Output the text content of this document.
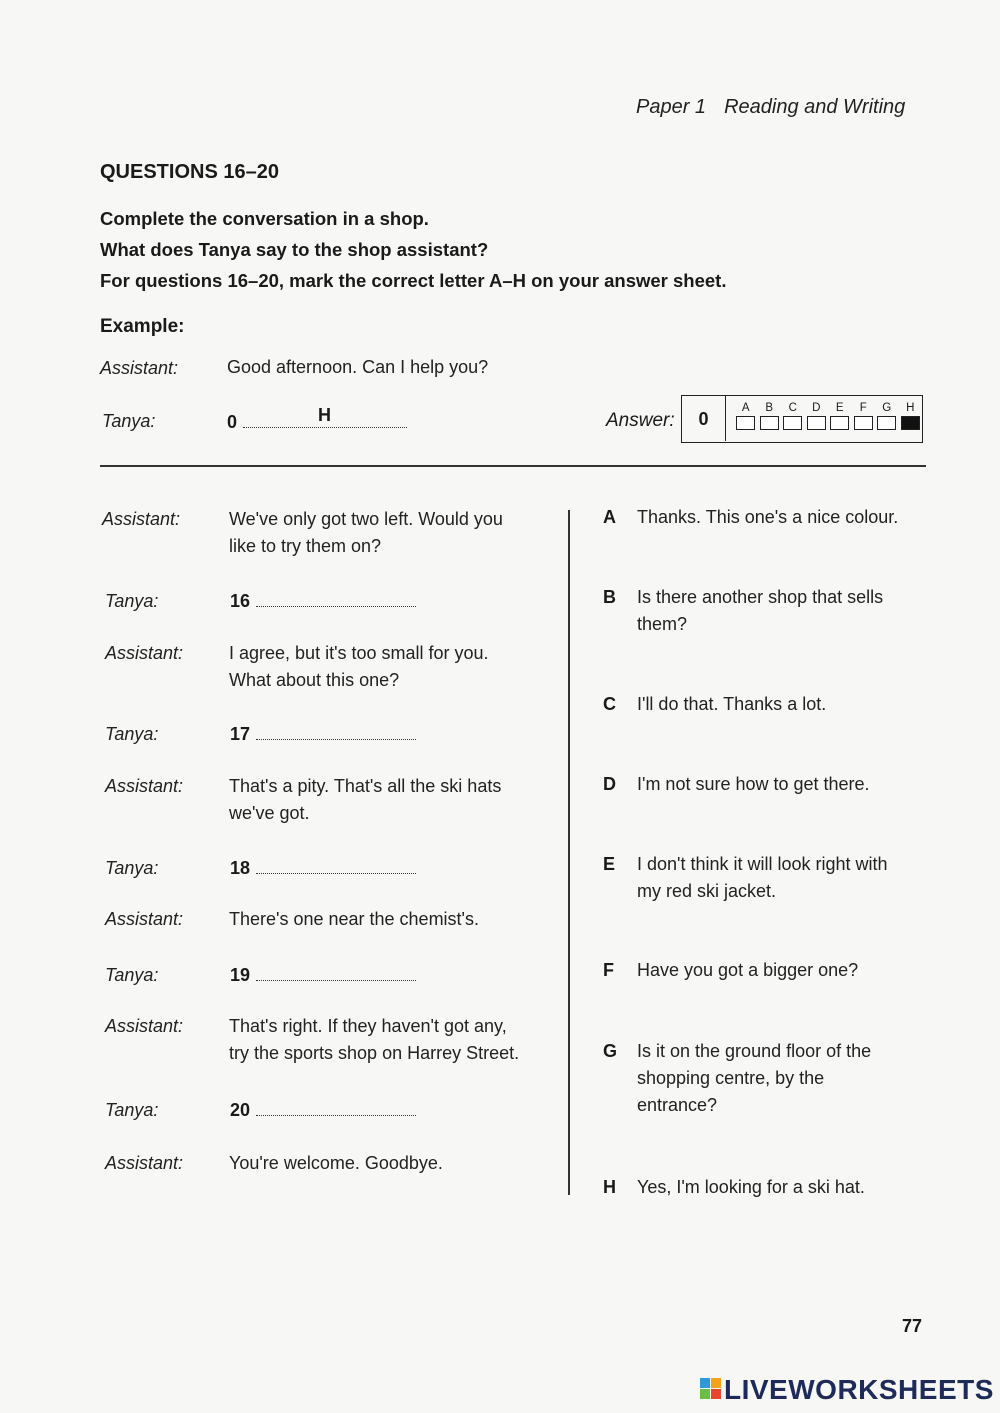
Paper 1 Reading and Writing
QUESTIONS 16–20
Complete the conversation in a shop.
What does Tanya say to the shop assistant?
For questions 16–20, mark the correct letter A–H on your answer sheet.
Example:
Assistant:	Good afternoon. Can I help you?
Tanya:	0	H	Answer:	0
A	B	C	D	E	F	G	H
Assistant:	We've only got two left. Would you
like to try them on?
Tanya:	16
Assistant:	I agree, but it's too small for you.
What about this one?
Tanya:	17
Assistant:	That's a pity. That's all the ski hats
we've got.
Tanya:	18
Assistant:	There's one near the chemist's.
Tanya:	19
Assistant:	That's right. If they haven't got any,
try the sports shop on Harrey Street.
Tanya:	20
Assistant:	You're welcome. Goodbye.
A Thanks. This one's a nice colour.
B Is there another shop that sells
them?
C I'll do that. Thanks a lot.
D I'm not sure how to get there.
E I don't think it will look right with
my red ski jacket.
F Have you got a bigger one?
G Is it on the ground floor of the
shopping centre, by the
entrance?
H Yes, I'm looking for a ski hat.
77
LIVEWORKSHEETS
